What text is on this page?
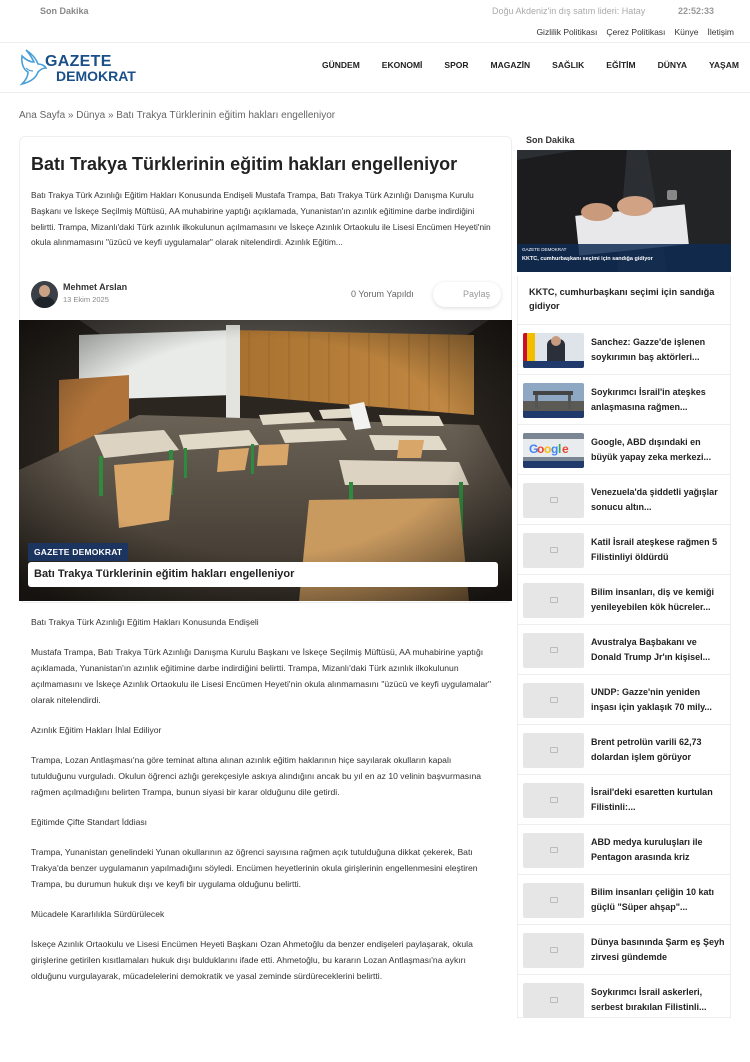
Son Dakika	Doğu Akdeniz'in dış satım lideri: Hatay	22:52:33
Gizlilik Politikası Çerez Politikası Künye İletişim
GAZETE
DEMOKRAT
GÜNDEM	EKONOMİ	SPOR	MAGAZİN	SAĞLIK	EĞİTİM	DÜNYA	YAŞAM
Ana Sayfa » Dünya » Batı Trakya Türklerinin eğitim hakları engelleniyor
Batı Trakya Türklerinin eğitim hakları engelleniyor
Batı Trakya Türk Azınlığı Eğitim Hakları Konusunda Endişeli Mustafa Trampa, Batı Trakya Türk Azınlığı Danışma Kurulu Başkanı ve İskeçe Seçilmiş Müftüsü, AA muhabirine yaptığı açıklamada, Yunanistan'ın azınlık eğitimine darbe indirdiğini belirtti. Trampa, Mizanlı'daki Türk azınlık ilkokulunun açılmamasını ve İskeçe Azınlık Ortaokulu ile Lisesi Encümen Heyeti'nin okula alınmamasını "üzücü ve keyfi uygulamalar" olarak nitelendirdi. Azınlık Eğitim...
Mehmet Arslan
13 Ekim 2025
0 Yorum Yapıldı	Paylaş
GAZETE DEMOKRAT
Batı Trakya Türklerinin eğitim hakları engelleniyor

Batı Trakya Türk Azınlığı Eğitim Hakları Konusunda Endişeli

Mustafa Trampa, Batı Trakya Türk Azınlığı Danışma Kurulu Başkanı ve İskeçe Seçilmiş Müftüsü, AA muhabirine yaptığı açıklamada, Yunanistan'ın azınlık eğitimine darbe indirdiğini belirtti. Trampa, Mizanlı'daki Türk azınlık ilkokulunun açılmamasını ve İskeçe Azınlık Ortaokulu ile Lisesi Encümen Heyeti'nin okula alınmamasını "üzücü ve keyfi uygulamalar" olarak nitelendirdi.

Azınlık Eğitim Hakları İhlal Ediliyor

Trampa, Lozan Antlaşması'na göre teminat altına alınan azınlık eğitim haklarının hiçe sayılarak okulların kapalı tutulduğunu vurguladı. Okulun öğrenci azlığı gerekçesiyle askıya alındığını ancak bu yıl en az 10 velinin başvurmasına rağmen açılmadığını belirten Trampa, bunun siyasi bir karar olduğunu dile getirdi.

Eğitimde Çifte Standart İddiası

Trampa, Yunanistan genelindeki Yunan okullarının az öğrenci sayısına rağmen açık tutulduğuna dikkat çekerek, Batı Trakya'da benzer uygulamanın yapılmadığını söyledi. Encümen heyetlerinin okula girişlerinin engellenmesini eleştiren Trampa, bu durumun hukuk dışı ve keyfi bir uygulama olduğunu belirtti.

Mücadele Kararlılıkla Sürdürülecek

İskeçe Azınlık Ortaokulu ve Lisesi Encümen Heyeti Başkanı Ozan Ahmetoğlu da benzer endişeleri paylaşarak, okula girişlerine getirilen kısıtlamaları hukuk dışı bulduklarını ifade etti. Ahmetoğlu, bu kararın Lozan Antlaşması'na aykırı olduğunu vurgulayarak, mücadelelerini demokratik ve yasal zeminde sürdüreceklerini belirtti.

Son Dakika
GAZETE DEMOKRAT
KKTC, cumhurbaşkanı seçimi için sandığa gidiyor
KKTC, cumhurbaşkanı seçimi için sandığa gidiyor
Sanchez: Gazze'de işlenen soykırımın baş aktörleri...
Soykırımcı İsrail'in ateşkes anlaşmasına rağmen...
G
o o g l e Google, ABD dışındaki en büyük yapay zeka merkezi...
Venezuela'da şiddetli yağışlar sonucu altın...
Katil İsrail ateşkese rağmen 5 Filistinliyi öldürdü
Bilim insanları, diş ve kemiği yenileyebilen kök hücreler...
Avustralya Başbakanı ve Donald Trump Jr'ın kişisel...
UNDP: Gazze'nin yeniden inşası için yaklaşık 70 mily...
Brent petrolün varili 62,73 dolardan işlem görüyor
İsrail'deki esaretten kurtulan Filistinli:...
ABD medya kuruluşları ile Pentagon arasında kriz
Bilim insanları çeliğin 10 katı güçlü "Süper ahşap"...
Dünya basınında Şarm eş Şeyh zirvesi gündemde
Soykırımcı İsrail askerleri, serbest bırakılan Filistinli...
